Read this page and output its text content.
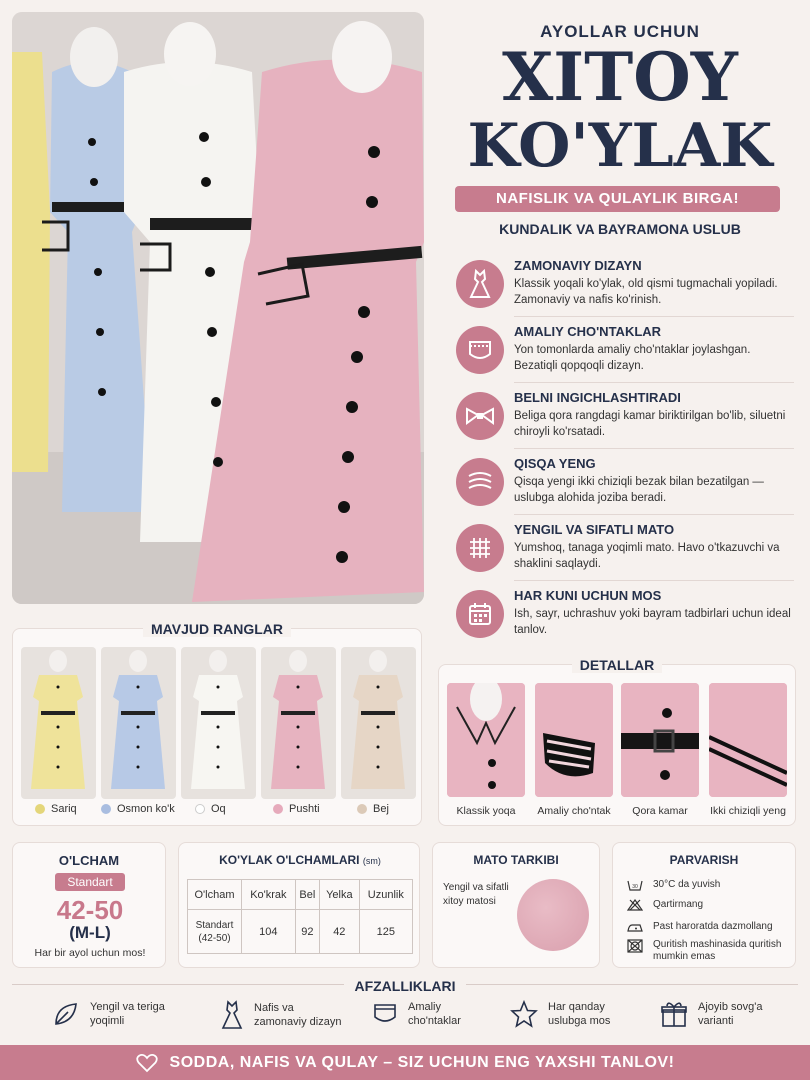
AYOLLAR UCHUN
XITOY
KO'YLAK
NAFISLIK VA QULAYLIK BIRGA!
KUNDALIK VA BAYRAMONA USLUB
ZAMONAVIY DIZAYN
Klassik yoqali ko'ylak, old qismi tugmachali yopiladi. Zamonaviy va nafis ko'rinish.
AMALIY CHO'NTAKLAR
Yon tomonlarda amaliy cho'ntaklar joylashgan. Bezatiqli qopqoqli dizayn.
BELNI INGICHLASHTIRADI
Beliga qora rangdagi kamar biriktirilgan bo'lib, siluetni chiroyli ko'rsatadi.
QISQA YENG
Qisqa yengi ikki chiziqli bezak bilan bezatilgan — uslubga alohida joziba beradi.
YENGIL VA SIFATLI MATO
Yumshoq, tanaga yoqimli mato. Havo o'tkazuvchi va shaklini saqlaydi.
HAR KUNI UCHUN MOS
Ish, sayr, uchrashuv yoki bayram tadbirlari uchun ideal tanlov.
MAVJUD RANGLAR
Sariq	Osmon ko'k	Oq	Pushti	Bej
DETALLAR
Klassik yoqa	Amaliy cho'ntak	Qora kamar	Ikki chiziqli yeng
O'LCHAM
Standart
42-50
(M-L)
Har bir ayol uchun mos!
KO'YLAK O'LCHAMLARI (sm)
O'lcham	Ko'krak	Bel	Yelka	Uzunlik
Standart (42-50)	104	92	42	125
MATO TARKIBI
Yengil va sifatli xitoy matosi
PARVARISH
30 30°C da yuvish
Qartirmang
Past haroratda dazmollang
Quritish mashinasida quritish mumkin emas
AFZALLIKLARI
Yengil va teriga yoqimli
Nafis va zamonaviy dizayn
Amaliy cho'ntaklar
Har qanday uslubga mos
Ajoyib sovg'a varianti
SODDA, NAFIS VA QULAY – SIZ UCHUN ENG YAXSHI TANLOV!
